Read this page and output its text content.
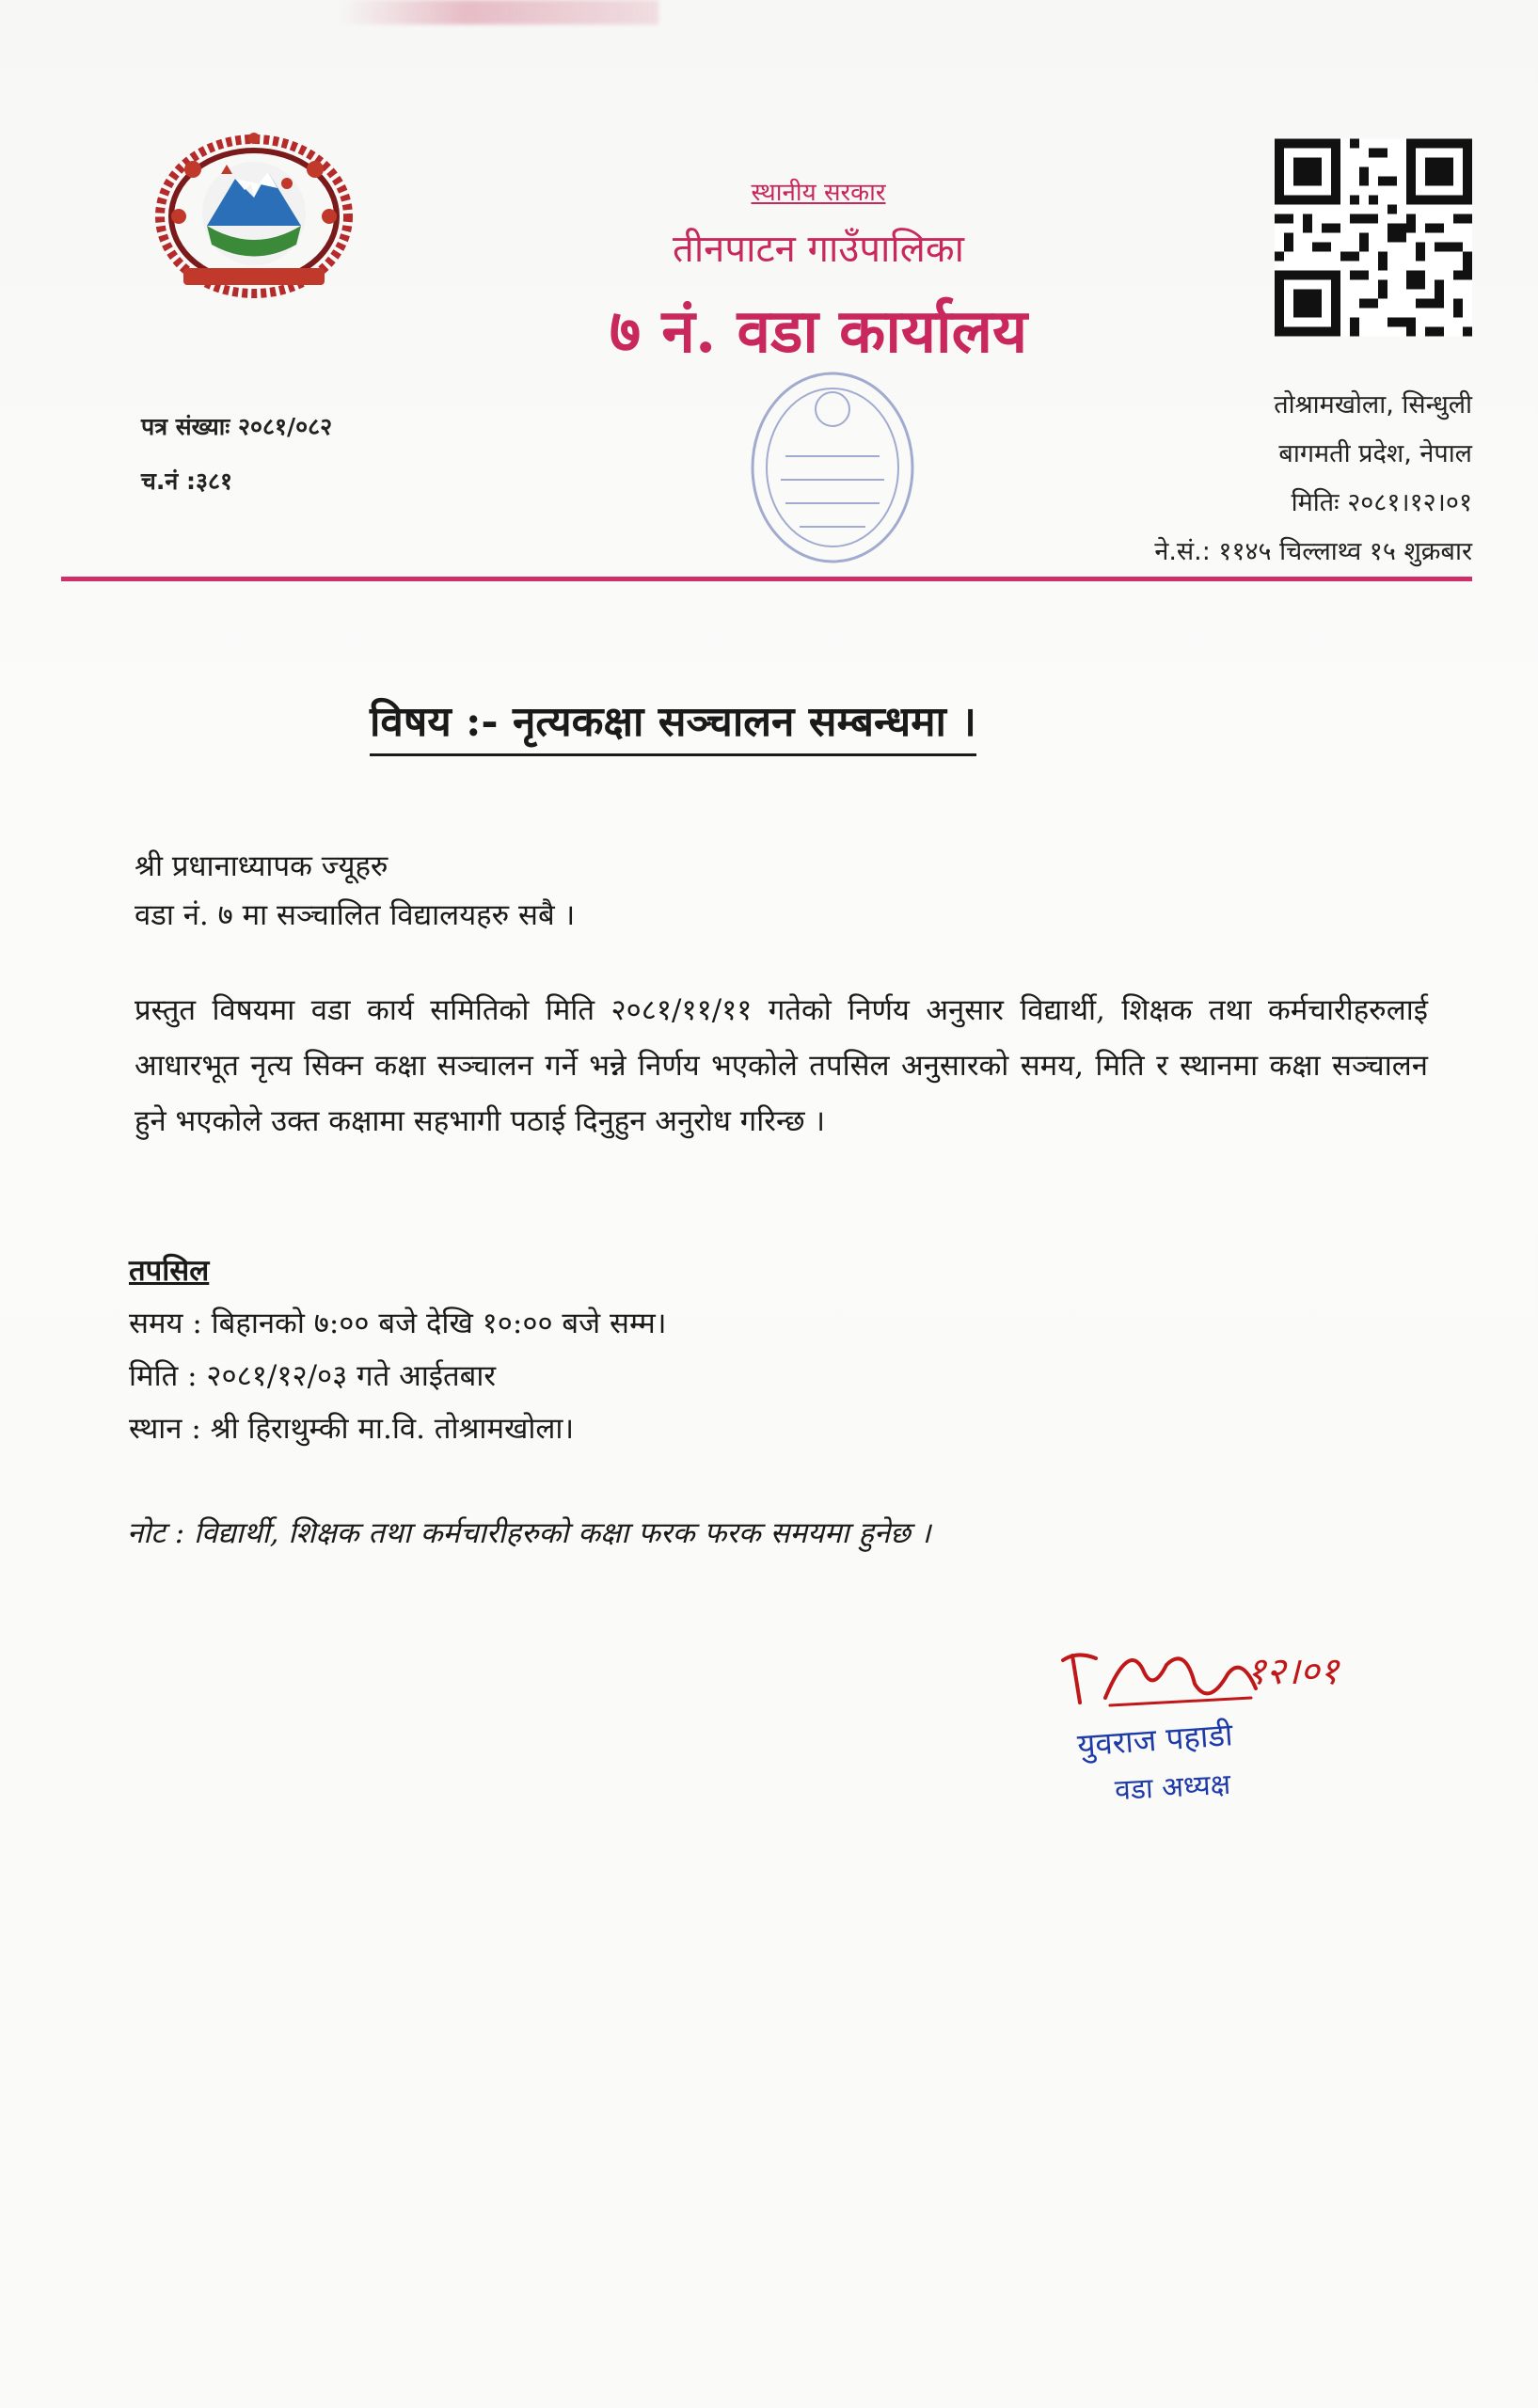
स्थानीय सरकार
तीनपाटन गाउँपालिका
७ नं. वडा कार्यालय
पत्र संख्याः २०८१/०८२
च.नं :३८१
तोश्रामखोला, सिन्धुली
बागमती प्रदेश, नेपाल
मितिः २०८१।१२।०१
ने.सं.: ११४५ चिल्लाथ्व १५ शुक्रबार
विषय :- नृत्यकक्षा सञ्चालन सम्बन्धमा ।
श्री प्रधानाध्यापक ज्यूहरु
वडा नं. ७ मा सञ्चालित विद्यालयहरु सबै ।
प्रस्तुत विषयमा वडा कार्य समितिको मिति २०८१/११/११ गतेको निर्णय अनुसार विद्यार्थी, शिक्षक तथा कर्मचारीहरुलाई आधारभूत नृत्य सिक्न कक्षा सञ्चालन गर्ने भन्ने निर्णय भएकोले तपसिल अनुसारको समय, मिति र स्थानमा कक्षा सञ्चालन हुने भएकोले उक्त कक्षामा सहभागी पठाई दिनुहुन अनुरोध गरिन्छ ।
तपसिल
समय : बिहानको ७:०० बजे देखि १०:०० बजे सम्म।
मिति : २०८१/१२/०३ गते आईतबार
स्थान : श्री हिराथुम्की मा.वि. तोश्रामखोला।
नोट : विद्यार्थी, शिक्षक तथा कर्मचारीहरुको कक्षा फरक फरक समयमा हुनेछ ।
१२।०१
युवराज पहाडी
वडा अध्यक्ष
